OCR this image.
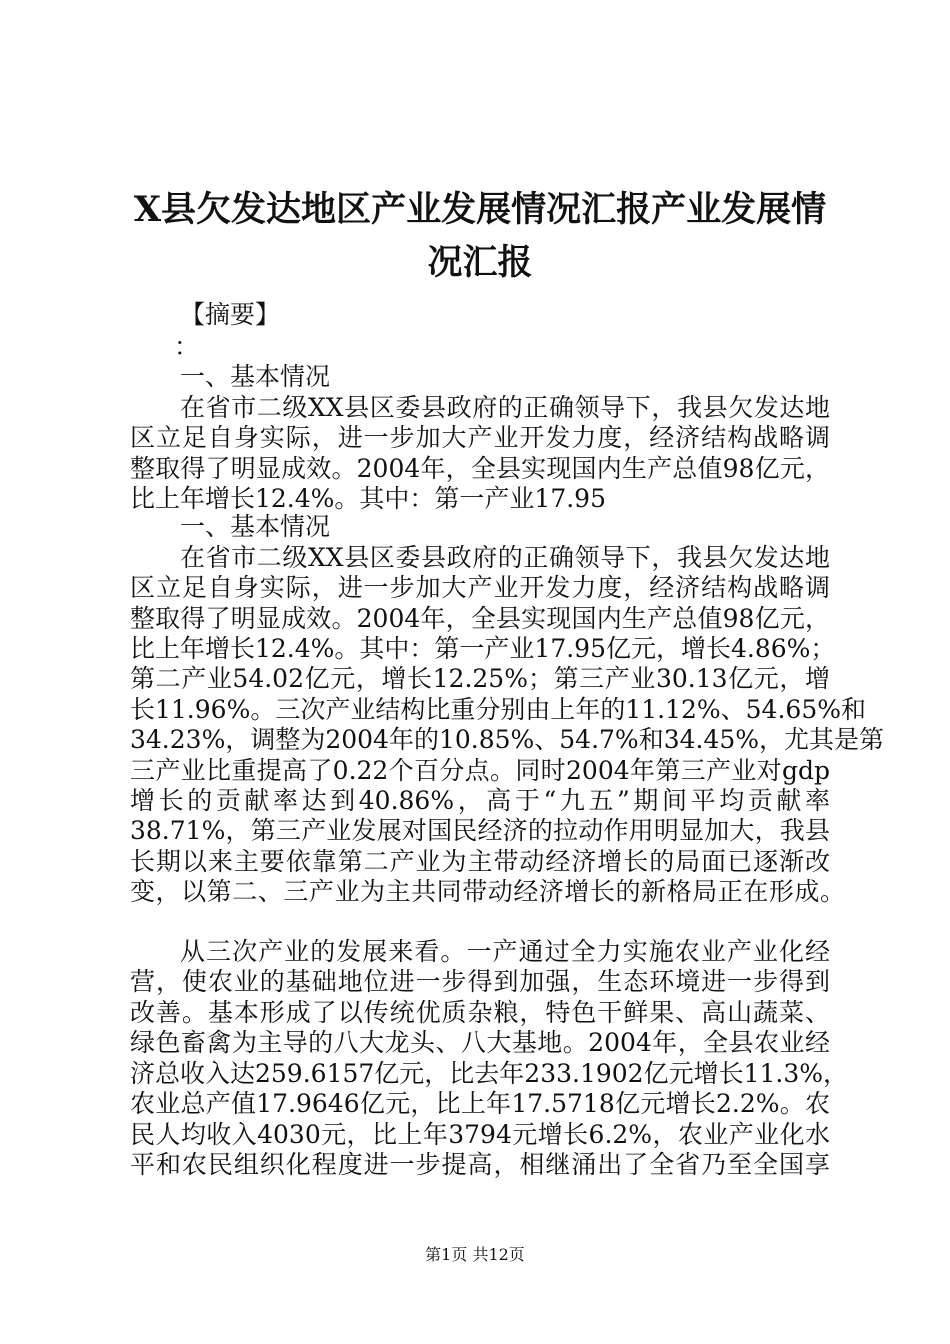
X县欠发达地区产业发展情况汇报产业发展情
况汇报

【摘要】

：

一、基本情况

在省市二级XX县区委县政府的正确领导下，我县欠发达地

区立足自身实际，进一步加大产业开发力度，经济结构战略调

整取得了明显成效。2004年，全县实现国内生产总值98亿元，

比上年增长12.4%。其中：第一产业17.95

一、基本情况

在省市二级XX县区委县政府的正确领导下，我县欠发达地

区立足自身实际，进一步加大产业开发力度，经济结构战略调

整取得了明显成效。2004年，全县实现国内生产总值98亿元，

比上年增长12.4%。其中：第一产业17.95亿元，增长4.86%；

第二产业54.02亿元，增长12.25%；第三产业30.13亿元，增

长11.96%。三次产业结构比重分别由上年的11.12%、54.65%和

34.23%，调整为2004年的10.85%、54.7%和34.45%，尤其是第

三产业比重提高了0.22个百分点。同时2004年第三产业对gdp

增长的贡献率达到40.86%，高于“九五”期间平均贡献率

38.71%，第三产业发展对国民经济的拉动作用明显加大，我县

长期以来主要依靠第二产业为主带动经济增长的局面已逐渐改

变，以第二、三产业为主共同带动经济增长的新格局正在形成。

从三次产业的发展来看。一产通过全力实施农业产业化经

营，使农业的基础地位进一步得到加强，生态环境进一步得到

改善。基本形成了以传统优质杂粮，特色干鲜果、高山蔬菜、

绿色畜禽为主导的八大龙头、八大基地。2004年，全县农业经

济总收入达259.6157亿元，比去年233.1902亿元增长11.3%，

农业总产值17.9646亿元，比上年17.5718亿元增长2.2%。农

民人均收入4030元，比上年3794元增长6.2%，农业产业化水

平和农民组织化程度进一步提高，相继涌出了全省乃至全国享

第1页 共12页
